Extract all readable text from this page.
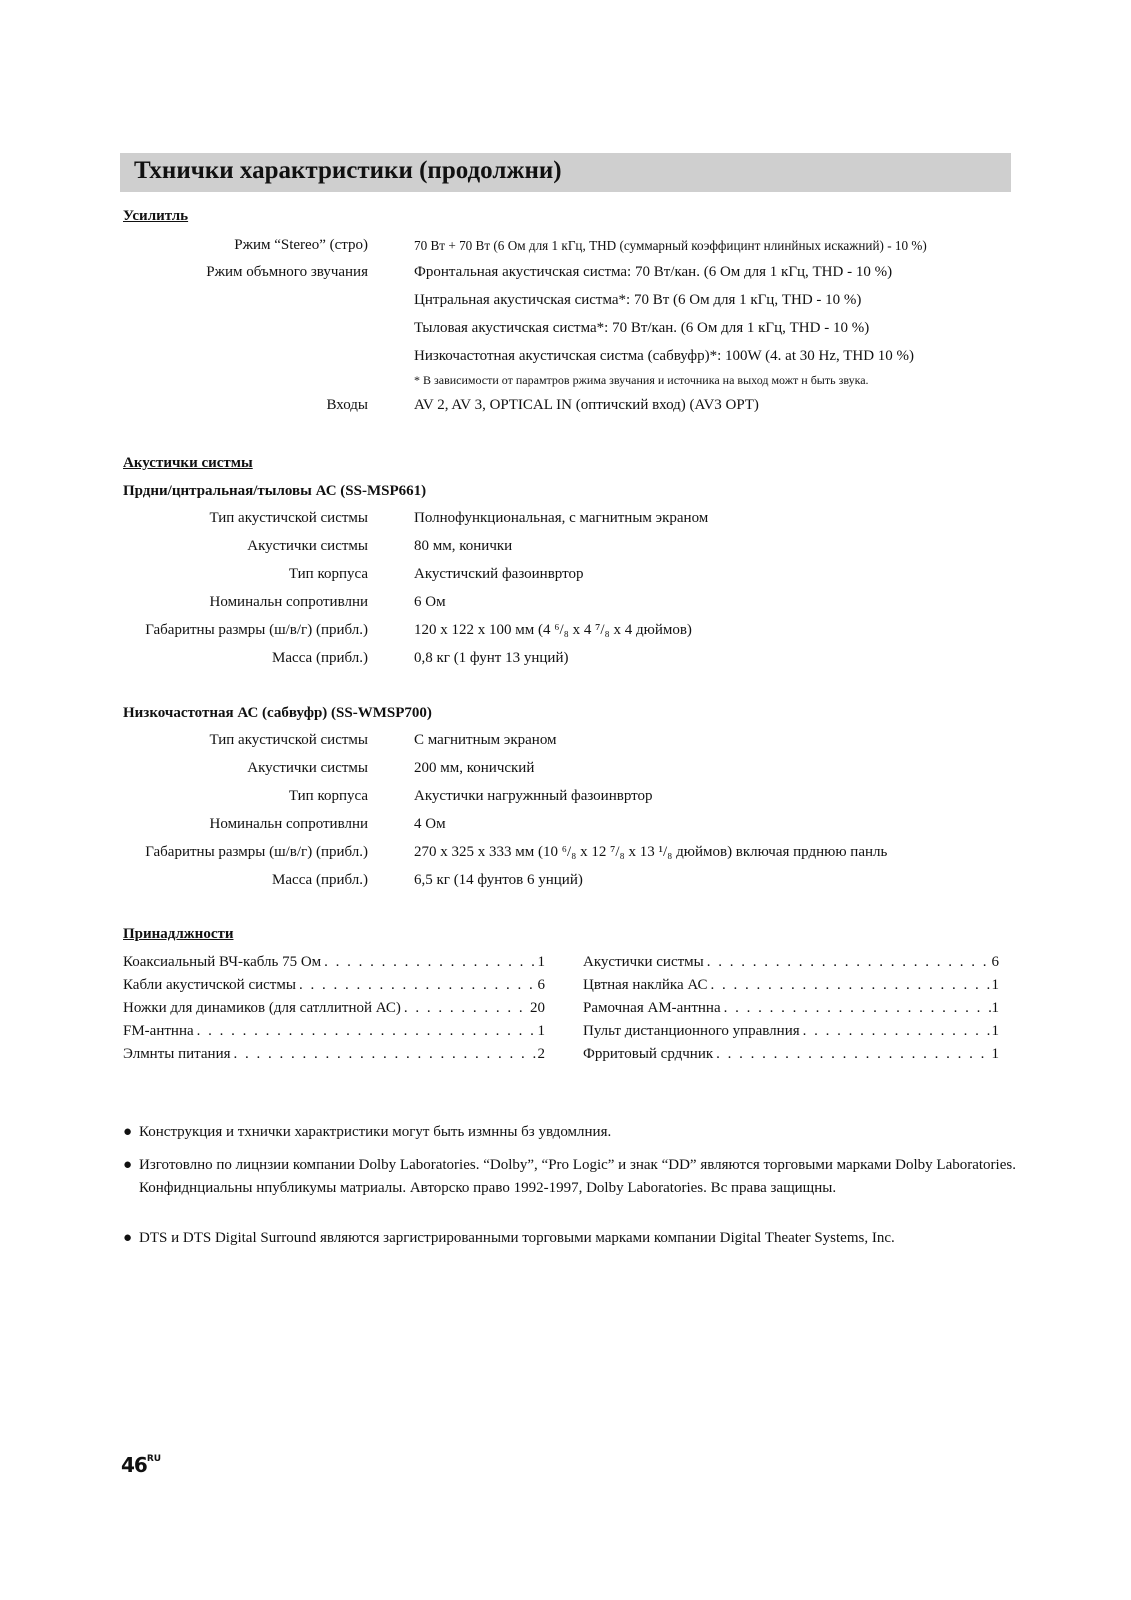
Тхнички характристики (продолжни)
Усилитль
Ржим “Stereo” (стро)	70 Вт + 70 Вт (6 Ом для 1 кГц, THD (суммарный коэффицинт нлинйных искажний) - 10 %)
Ржим объмного звучания	Фронтальная акустичская систма: 70 Вт/кан. (6 Ом для 1 кГц, THD - 10 %)
Цнтральная акустичская систма*: 70 Вт (6 Ом для 1 кГц, THD - 10 %)
Тыловая акустичская систма*: 70 Вт/кан. (6 Ом для 1 кГц, THD - 10 %)
Низкочастотная акустичская систма (сабвуфр)*: 100W (4. at 30 Hz, THD 10 %)
* В зависимости от парамтров ржима звучания и источника на выход можт н быть звука.
Входы	AV 2, AV 3, OPTICAL IN (оптичский вход) (AV3 OPT)
Акустички систмы
Прдни/цнтральная/тыловы АС (SS-MSP661)
Тип акустичской систмы	Полнофункциональная, с магнитным экраном
Акустички систмы	80 мм, конички
Тип корпуса	Акустичский фазоинвртор
Номинальн сопротивлни	6 Ом
Габаритны размры (ш/в/г) (прибл.)	120 x 122 x 100 мм (4 ⁶/₈ x 4 ⁷/₈ x 4 дюймов)
Масса (прибл.)	0,8 кг (1 фунт 13 унций)
Низкочастотная АС (сабвуфр) (SS-WMSP700)
Тип акустичской систмы	С магнитным экраном
Акустички систмы	200 мм, коничский
Тип корпуса	Акустички нагружнный фазоинвртор
Номинальн сопротивлни	4 Ом
Габаритны размры (ш/в/г) (прибл.)	270 x 325 x 333 мм (10 ⁶/₈ x 12 ⁷/₈ x 13 ¹/₈ дюймов) включая прднюю панль
Масса (прибл.)	6,5 кг (14 фунтов 6 унций)
Принадлжности
Коаксиальный ВЧ-кабль 75 Ом . . .	1
Кабли акустичской систмы . . .	6
Ножки для динамиков (для сатллитной АС) . . .	20
FM-антнна . . .	1
Элмнты питания . . .	2
Акустички систмы . . .	6
Цвтная наклйка АС . . .	1
Рамочная АМ-антнна . . .	1
Пульт дистанционного управлния . . .	1
Фрритовый срдчник . . .	1
● Конструкция и тхнички характристики могут быть измнны бз увдомлния.
● Изготовлно по лицнзии компании Dolby Laboratories. “Dolby”, “Pro Logic” и знак “DD” являются торговыми марками Dolby Laboratories. Конфиднциальны нпубликумы матриалы. Авторско право 1992-1997, Dolby Laboratories. Вс права защищны.
● DTS и DTS Digital Surround являются заргистрированными торговыми марками компании Digital Theater Systems, Inc.
$46^{RU}$
